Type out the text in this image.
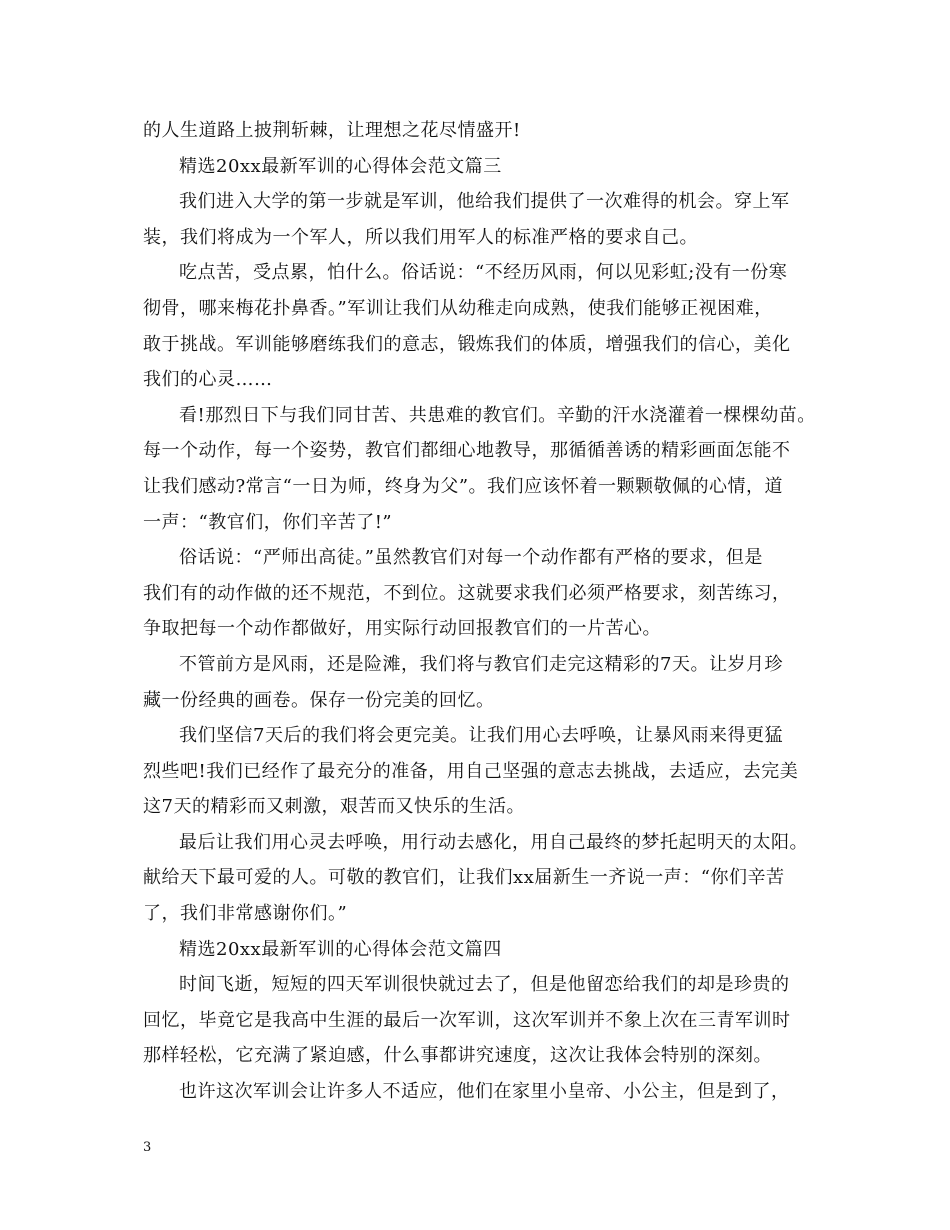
的人生道路上披荆斩棘，让理想之花尽情盛开!
精选20xx最新军训的心得体会范文篇三
我们进入大学的第一步就是军训，他给我们提供了一次难得的机会。穿上军
装，我们将成为一个军人，所以我们用军人的标准严格的要求自己。
吃点苦，受点累，怕什么。俗话说：“不经历风雨，何以见彩虹;没有一份寒
彻骨，哪来梅花扑鼻香。”军训让我们从幼稚走向成熟，使我们能够正视困难，
敢于挑战。军训能够磨练我们的意志，锻炼我们的体质，增强我们的信心，美化
我们的心灵……
看!那烈日下与我们同甘苦、共患难的教官们。辛勤的汗水浇灌着一棵棵幼苗。
每一个动作，每一个姿势，教官们都细心地教导，那循循善诱的精彩画面怎能不
让我们感动?常言“一日为师，终身为父”。我们应该怀着一颗颗敬佩的心情，道
一声：“教官们，你们辛苦了!”
俗话说：“严师出高徒。”虽然教官们对每一个动作都有严格的要求，但是
我们有的动作做的还不规范，不到位。这就要求我们必须严格要求，刻苦练习，
争取把每一个动作都做好，用实际行动回报教官们的一片苦心。
不管前方是风雨，还是险滩，我们将与教官们走完这精彩的7天。让岁月珍
藏一份经典的画卷。保存一份完美的回忆。
我们坚信7天后的我们将会更完美。让我们用心去呼唤，让暴风雨来得更猛
烈些吧!我们已经作了最充分的准备，用自己坚强的意志去挑战，去适应，去完美
这7天的精彩而又刺激，艰苦而又快乐的生活。
最后让我们用心灵去呼唤，用行动去感化，用自己最终的梦托起明天的太阳。
献给天下最可爱的人。可敬的教官们，让我们xx届新生一齐说一声：“你们辛苦
了，我们非常感谢你们。”
精选20xx最新军训的心得体会范文篇四
时间飞逝，短短的四天军训很快就过去了，但是他留恋给我们的却是珍贵的
回忆，毕竟它是我高中生涯的最后一次军训，这次军训并不象上次在三青军训时
那样轻松，它充满了紧迫感，什么事都讲究速度，这次让我体会特别的深刻。
也许这次军训会让许多人不适应，他们在家里小皇帝、小公主，但是到了，
3
